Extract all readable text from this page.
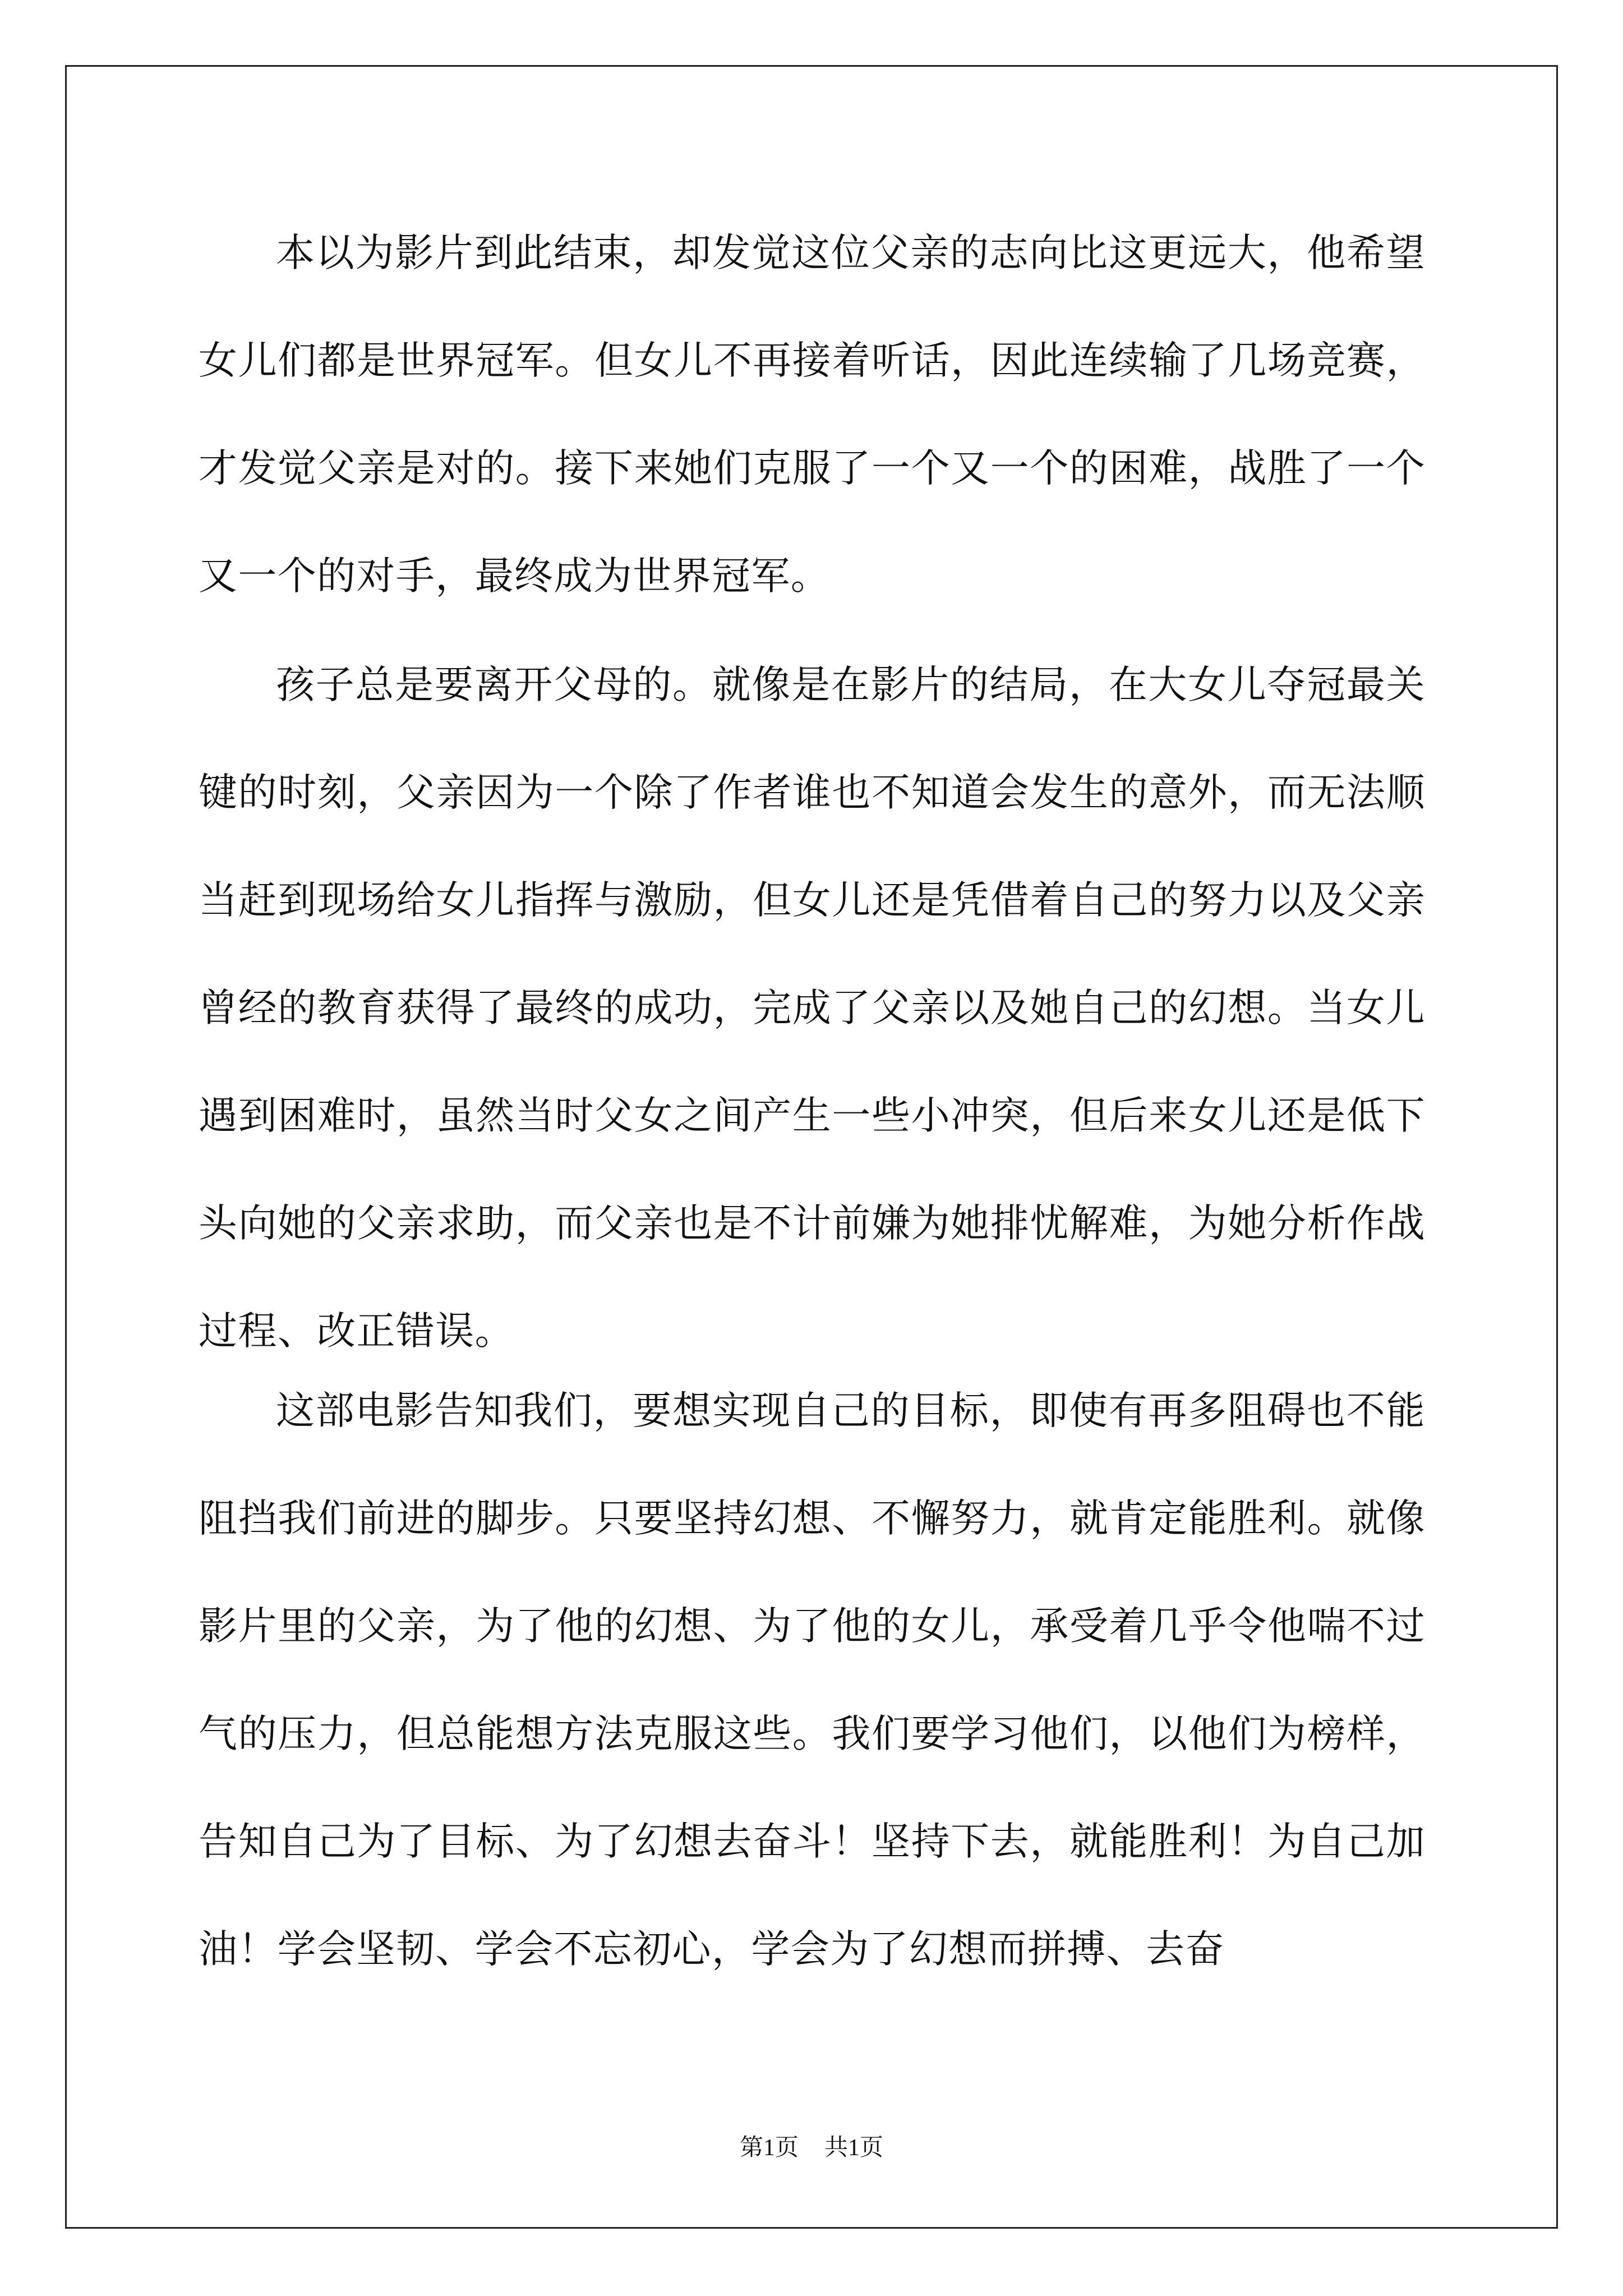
本以为影片到此结束，却发觉这位父亲的志向比这更远大，他希望女儿们都是世界冠军。但女儿不再接着听话，因此连续输了几场竞赛，才发觉父亲是对的。接下来她们克服了一个又一个的困难，战胜了一个又一个的对手，最终成为世界冠军。

孩子总是要离开父母的。就像是在影片的结局，在大女儿夺冠最关键的时刻，父亲因为一个除了作者谁也不知道会发生的意外，而无法顺当赶到现场给女儿指挥与激励，但女儿还是凭借着自己的努力以及父亲曾经的教育获得了最终的成功，完成了父亲以及她自己的幻想。当女儿遇到困难时，虽然当时父女之间产生一些小冲突，但后来女儿还是低下头向她的父亲求助，而父亲也是不计前嫌为她排忧解难，为她分析作战过程、改正错误。

这部电影告知我们，要想实现自己的目标，即使有再多阻碍也不能阻挡我们前进的脚步。只要坚持幻想、不懈努力，就肯定能胜利。就像影片里的父亲，为了他的幻想、为了他的女儿，承受着几乎令他喘不过气的压力，但总能想方法克服这些。我们要学习他们，以他们为榜样，告知自己为了目标、为了幻想去奋斗！坚持下去，就能胜利！为自己加油！学会坚韧、学会不忘初心，学会为了幻想而拼搏、去奋

第1页 共1页
